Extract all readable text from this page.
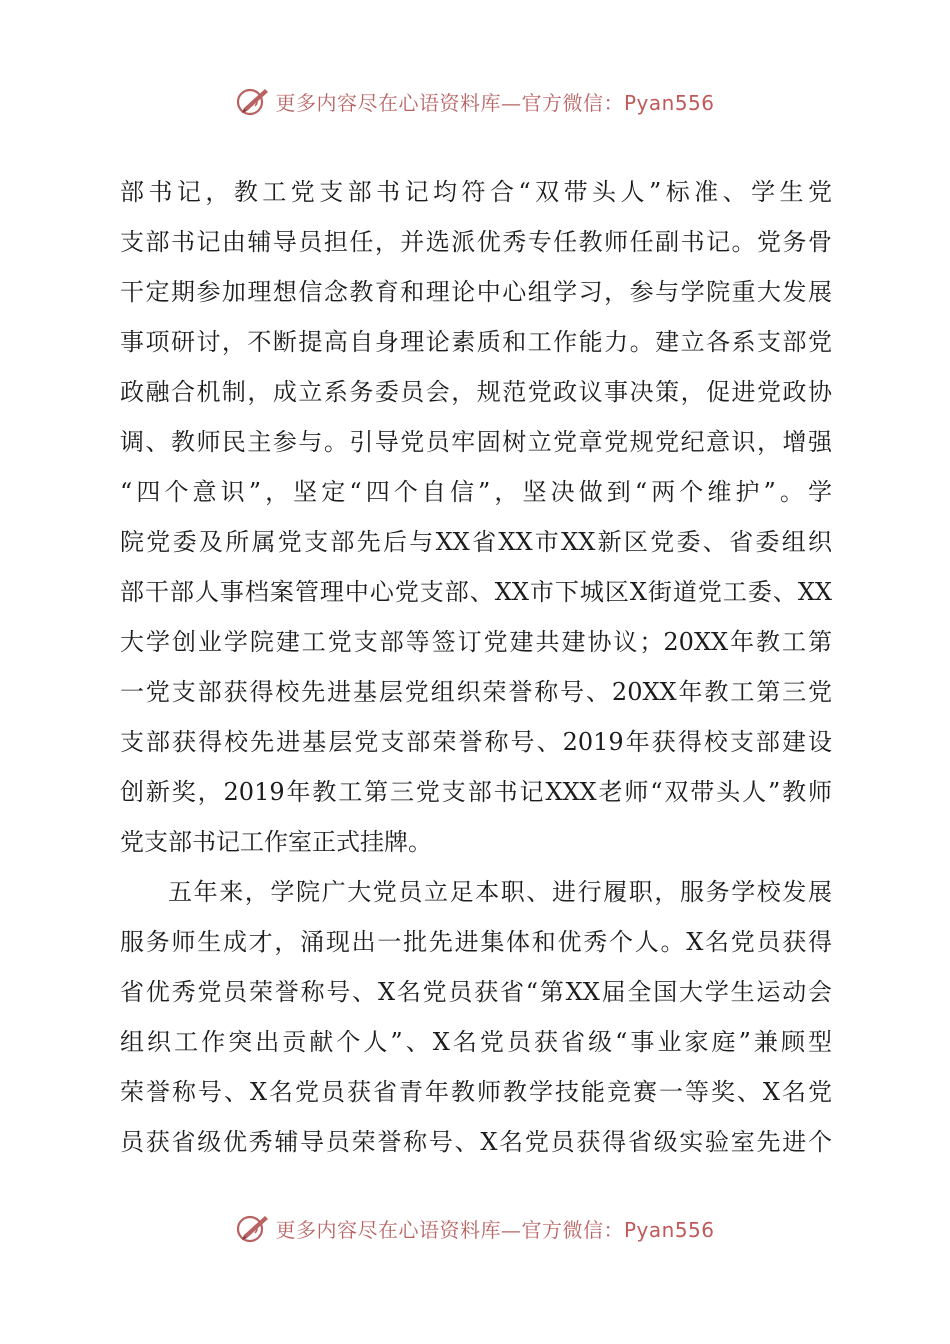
更多内容尽在心语资料库—官方微信：Pyan556
部书记，教工党支部书记均符合“双带头人”标准、学生党
支部书记由辅导员担任，并选派优秀专任教师任副书记。党务骨
干定期参加理想信念教育和理论中心组学习，参与学院重大发展
事项研讨，不断提高自身理论素质和工作能力。建立各系支部党
政融合机制，成立系务委员会，规范党政议事决策，促进党政协
调、教师民主参与。引导党员牢固树立党章党规党纪意识，增强
“四个意识”，坚定“四个自信”，坚决做到“两个维护”。学
院党委及所属党支部先后与XX省XX市XX新区党委、省委组织
部干部人事档案管理中心党支部、XX市下城区X街道党工委、XX
大学创业学院建工党支部等签订党建共建协议；20XX年教工第
一党支部获得校先进基层党组织荣誉称号、20XX年教工第三党
支部获得校先进基层党支部荣誉称号、2019年获得校支部建设
创新奖，2019年教工第三党支部书记XXX老师“双带头人”教师
党支部书记工作室正式挂牌。
五年来，学院广大党员立足本职、进行履职，服务学校发展
服务师生成才，涌现出一批先进集体和优秀个人。X名党员获得
省优秀党员荣誉称号、X名党员获省“第XX届全国大学生运动会
组织工作突出贡献个人”、X名党员获省级“事业家庭”兼顾型
荣誉称号、X名党员获省青年教师教学技能竞赛一等奖、X名党
员获省级优秀辅导员荣誉称号、X名党员获得省级实验室先进个
更多内容尽在心语资料库—官方微信：Pyan556
